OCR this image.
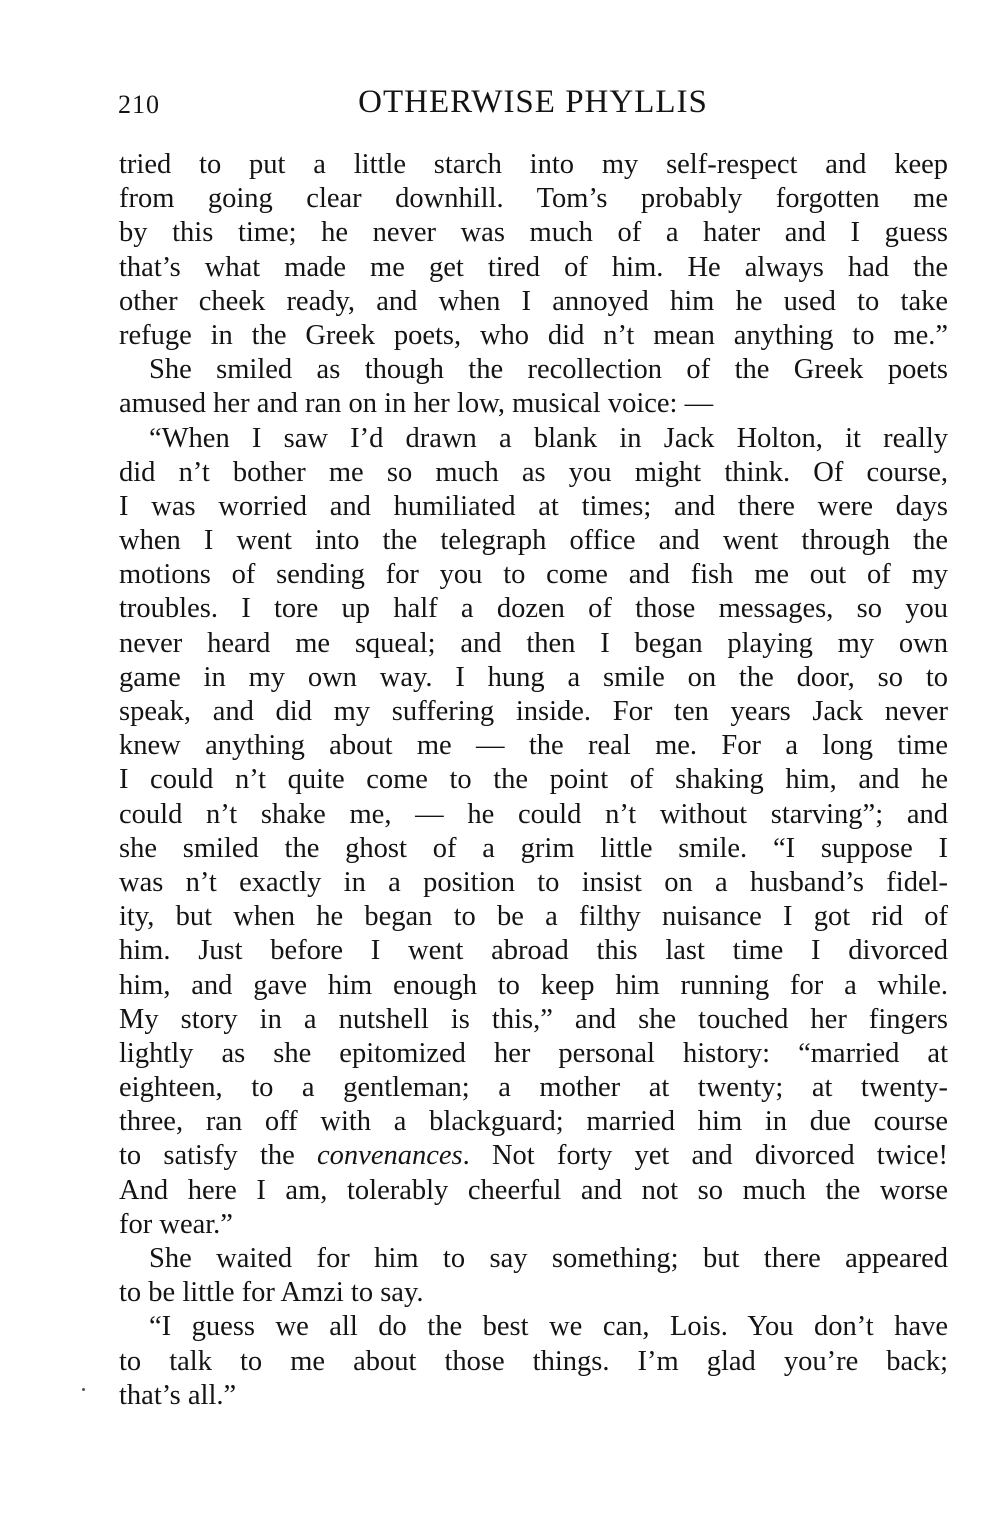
210	OTHERWISE PHYLLIS
tried to put a little starch into my self-respect and keep
from going clear downhill. Tom’s probably forgotten me
by this time; he never was much of a hater and I guess
that’s what made me get tired of him. He always had the
other cheek ready, and when I annoyed him he used to take
refuge in the Greek poets, who did n’t mean anything to me.”
She smiled as though the recollection of the Greek poets
amused her and ran on in her low, musical voice: —
“When I saw I’d drawn a blank in Jack Holton, it really
did n’t bother me so much as you might think. Of course,
I was worried and humiliated at times; and there were days
when I went into the telegraph office and went through the
motions of sending for you to come and fish me out of my
troubles. I tore up half a dozen of those messages, so you
never heard me squeal; and then I began playing my own
game in my own way. I hung a smile on the door, so to
speak, and did my suffering inside. For ten years Jack never
knew anything about me — the real me. For a long time
I could n’t quite come to the point of shaking him, and he
could n’t shake me, — he could n’t without starving”; and
she smiled the ghost of a grim little smile. “I suppose I
was n’t exactly in a position to insist on a husband’s fidel-
ity, but when he began to be a filthy nuisance I got rid of
him. Just before I went abroad this last time I divorced
him, and gave him enough to keep him running for a while.
My story in a nutshell is this,” and she touched her fingers
lightly as she epitomized her personal history: “married at
eighteen, to a gentleman; a mother at twenty; at twenty-
three, ran off with a blackguard; married him in due course
to satisfy the convenances. Not forty yet and divorced twice!
And here I am, tolerably cheerful and not so much the worse
for wear.”
She waited for him to say something; but there appeared
to be little for Amzi to say.
“I guess we all do the best we can, Lois. You don’t have
to talk to me about those things. I’m glad you’re back;
that’s all.”
